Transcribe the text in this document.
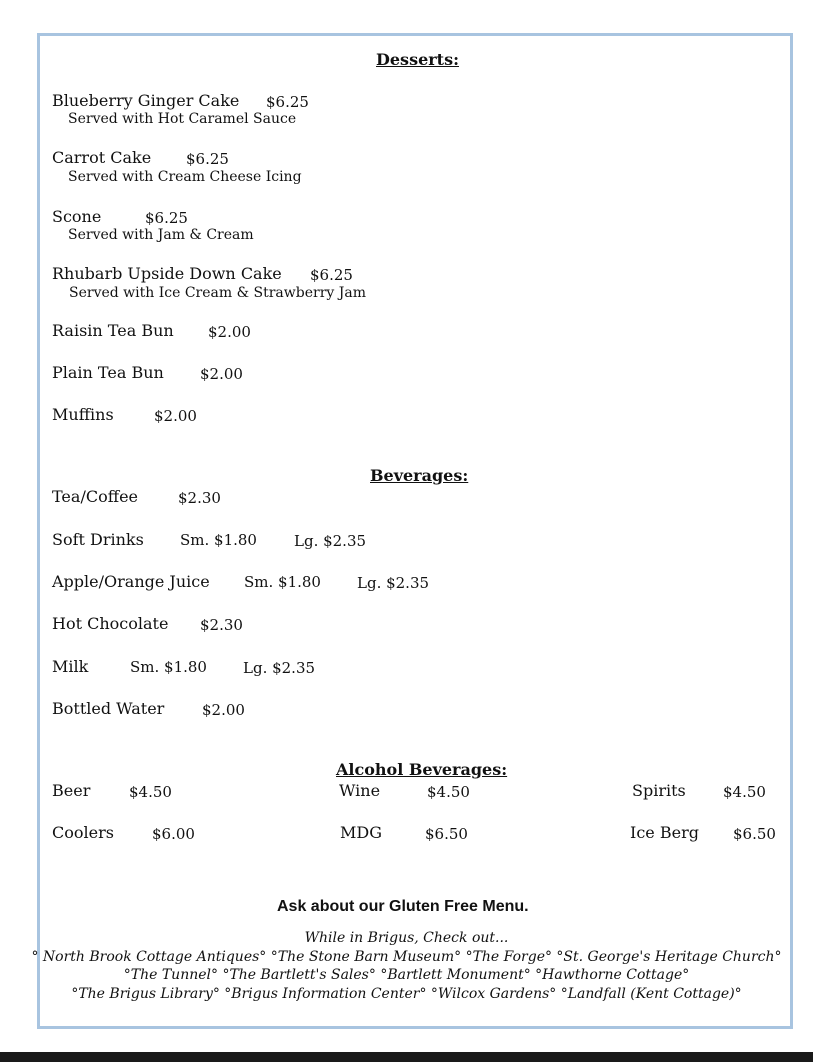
Desserts:
Blueberry Ginger Cake $6.25
Served with Hot Caramel Sauce
Carrot Cake $6.25
Served with Cream Cheese Icing
Scone	$6.25
Served with Jam & Cream
Rhubarb Upside Down Cake $6.25
Served with Ice Cream & Strawberry Jam
Raisin Tea Bun $2.00
Plain Tea Bun $2.00
Muffins	$2.00
Beverages:
Tea/Coffee	$2.30
Soft Drinks Sm. $1.80 Lg. $2.35
Apple/Orange Juice Sm. $1.80 Lg. $2.35
Hot Chocolate $2.30
Milk	Sm. $1.80 Lg. $2.35
Bottled Water	$2.00
Alcohol Beverages:
Beer	$4.50	Wine	$4.50	Spirits $4.50
Coolers	$6.00	MDG	$6.50	Ice Berg $6.50
Ask about our Gluten Free Menu.
While in Brigus, Check out...
° North Brook Cottage Antiques° °The Stone Barn Museum° °The Forge° °St. George's Heritage Church°
°The Tunnel° °The Bartlett's Sales° °Bartlett Monument° °Hawthorne Cottage°
°The Brigus Library° °Brigus Information Center° °Wilcox Gardens° °Landfall (Kent Cottage)°
